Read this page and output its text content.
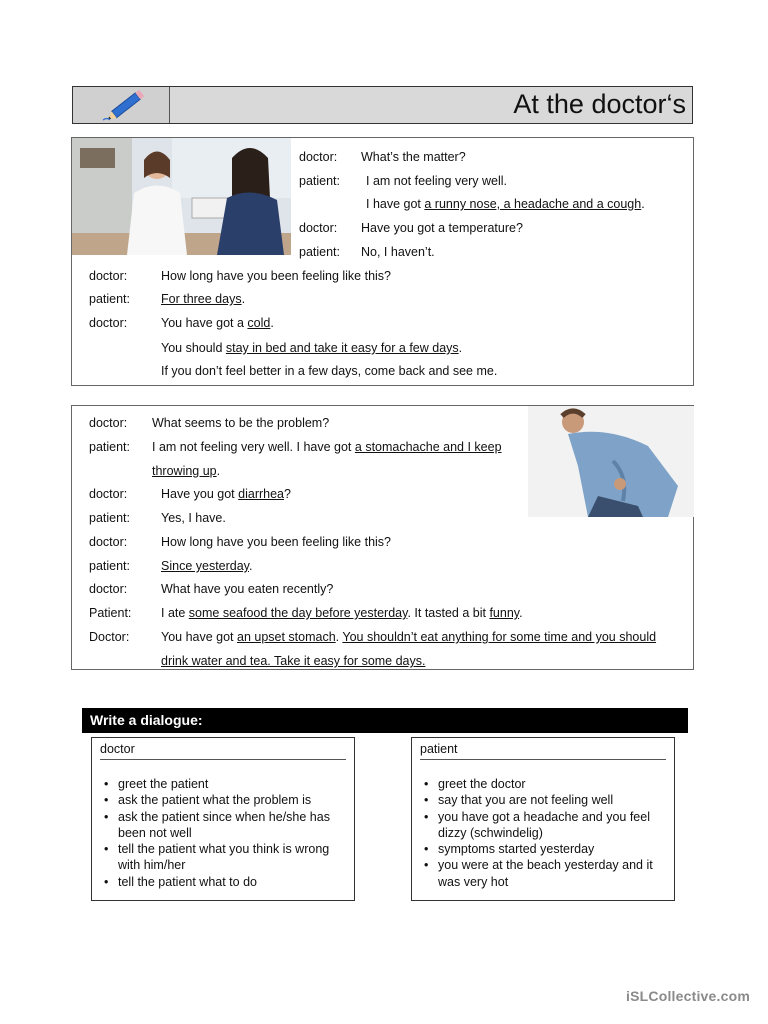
At the doctor‘s
doctor: What’s the matter?
patient: I am not feeling very well.
I have got a runny nose, a headache and a cough.
doctor: Have you got a temperature?
patient: No, I haven’t.
doctor:	How long have you been feeling like this?
patient: For three days.
doctor:	You have got a cold.
You should stay in bed and take it easy for a few days.
If you don’t feel better in a few days, come back and see me.
doctor: What seems to be the problem?
patient: I am not feeling very well. I have got a stomachache and I keep
throwing up.
doctor:	Have you got diarrhea?
patient: Yes, I have.
doctor:	How long have you been feeling like this?
patient: Since yesterday.
doctor:	What have you eaten recently?
Patient: I ate some seafood the day before yesterday. It tasted a bit funny.
Doctor:	You have got an upset stomach. You shouldn’t eat anything for some time and you should
drink water and tea. Take it easy for some days.
Write a dialogue:
doctor
• greet the patient
• ask the patient what the problem is
• ask the patient since when he/she has been not well
• tell the patient what you think is wrong with him/her
• tell the patient what to do
patient
• greet the doctor
• say that you are not feeling well
• you have got a headache and you feel dizzy (schwindelig)
• symptoms started yesterday
• you were at the beach yesterday and it was very hot
iSLCollective.com
